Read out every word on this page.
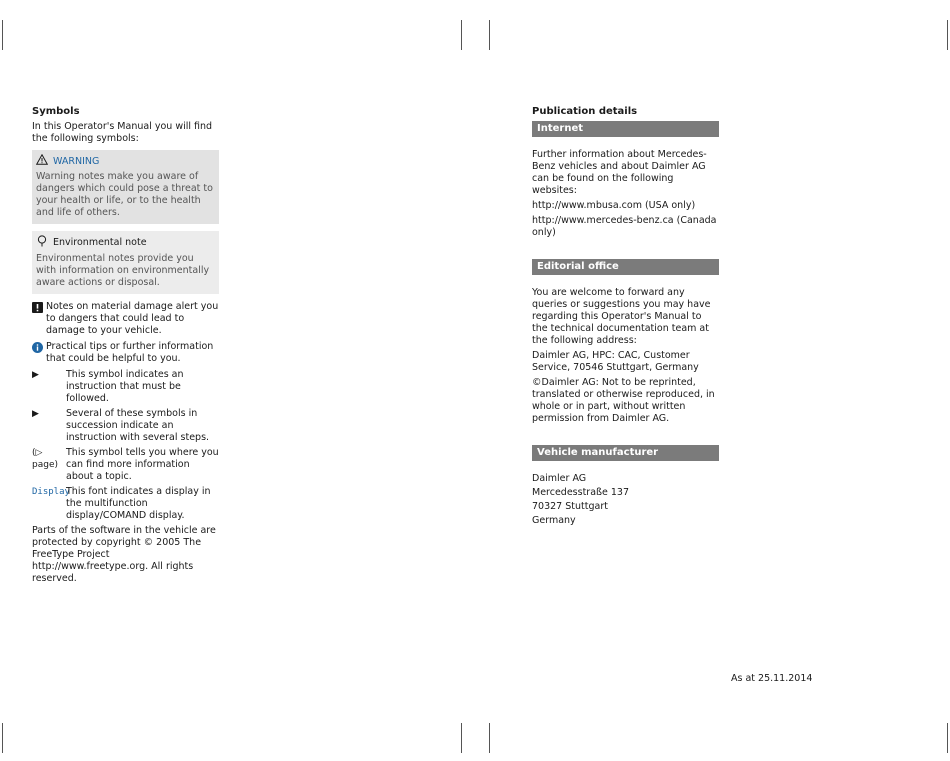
Symbols

In this Operator's Manual you will find the following symbols:

WARNING
Warning notes make you aware of dangers which could pose a threat to your health or life, or to the health and life of others.
Environmental note
Environmental notes provide you with information on environmentally aware actions or disposal.
Notes on material damage alert you to dangers that could lead to damage to your vehicle.
Practical tips or further information that could be helpful to you.
▶	This symbol indicates an instruction that must be followed.
▶	Several of these symbols in succession indicate an instruction with several steps.
(▷ page)
This symbol tells you where you can find more information about a topic.
Display
This font indicates a display in the multifunction display/COMAND display.

Parts of the software in the vehicle are protected by copyright © 2005 The FreeType Project http://www.freetype.org. All rights reserved.

Publication details
Internet

Further information about Mercedes-Benz vehicles and about Daimler AG can be found on the following websites:

http://www.mbusa.com (USA only)

http://www.mercedes-benz.ca (Canada only)

Editorial office

You are welcome to forward any queries or suggestions you may have regarding this Operator's Manual to the technical documentation team at the following address:

Daimler AG, HPC: CAC, Customer Service, 70546 Stuttgart, Germany

©Daimler AG: Not to be reprinted, translated or otherwise reproduced, in whole or in part, without written permission from Daimler AG.

Vehicle manufacturer
Daimler AG
Mercedesstraße 137
70327 Stuttgart
Germany
As at 25.11.2014
